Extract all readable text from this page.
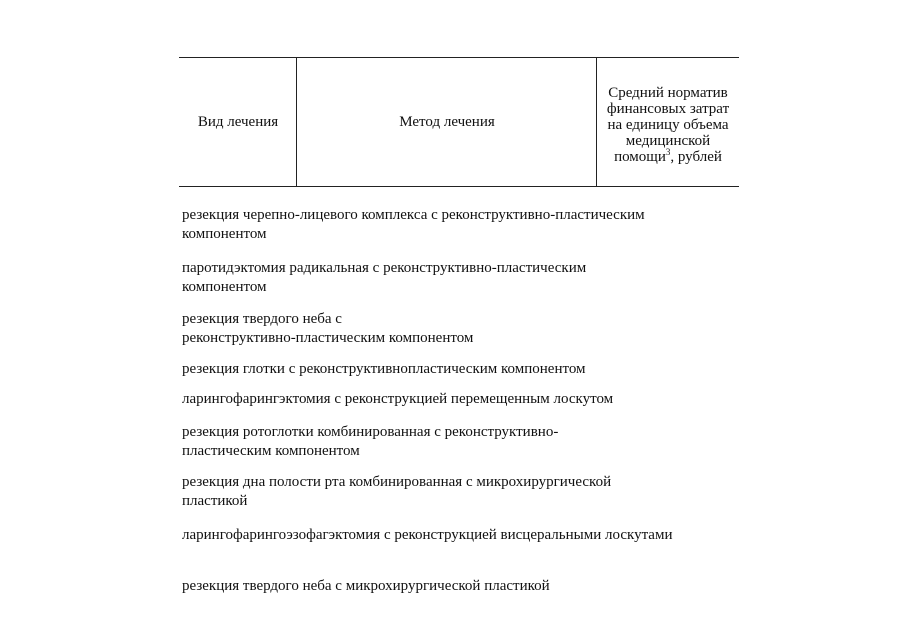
Вид лечения	Метод лечения
Средний норматив
финансовых затрат
на единицу объема
медицинской
помощи$^3$, рублей
резекция черепно-лицевого комплекса с реконструктивно-пластическим
компонентом
паротидэктомия радикальная с реконструктивно-пластическим
компонентом
резекция твердого неба с
реконструктивно-пластическим компонентом
резекция глотки с реконструктивнопластическим компонентом
ларингофарингэктомия с реконструкцией перемещенным лоскутом
резекция ротоглотки комбинированная с реконструктивно-
пластическим компонентом
резекция дна полости рта комбинированная с микрохирургической
пластикой
ларингофарингоэзофагэктомия с реконструкцией висцеральными лоскутами
резекция твердого неба с микрохирургической пластикой
